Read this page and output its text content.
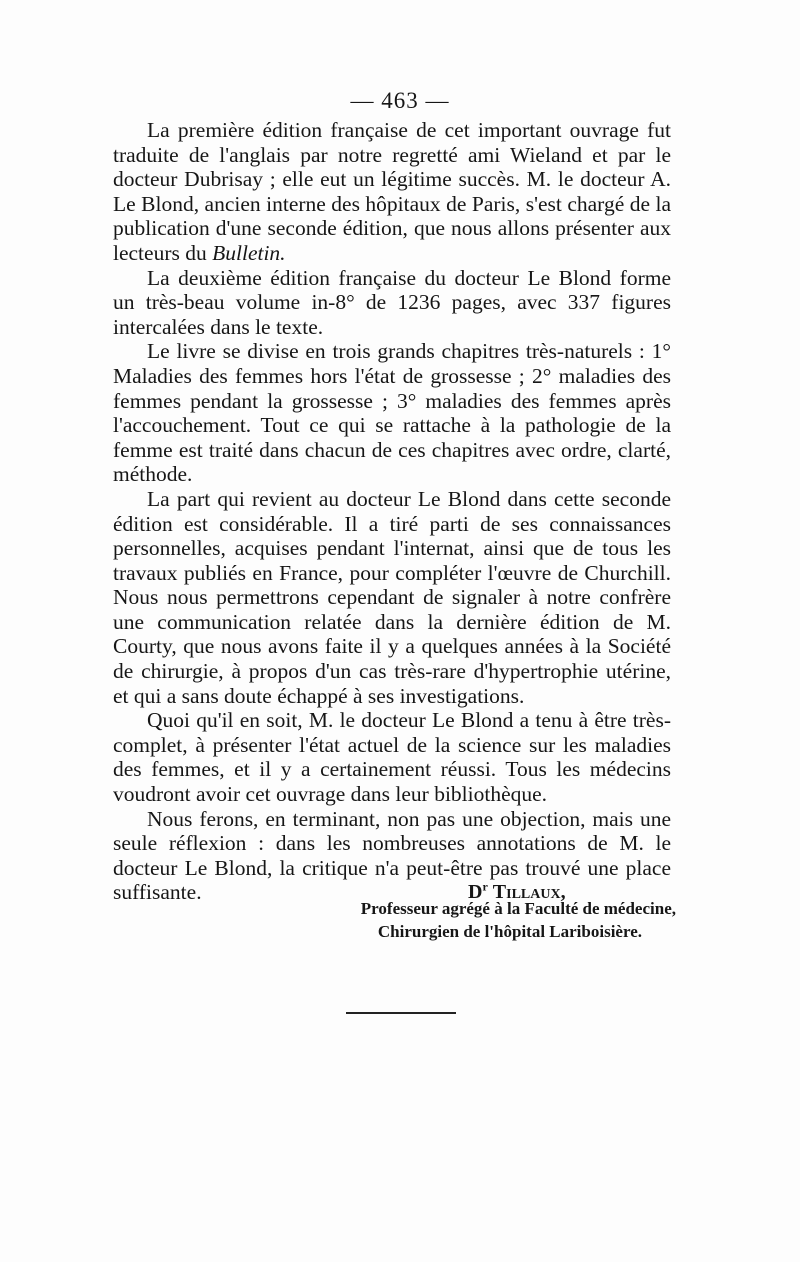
— 463 —

La première édition française de cet important ouvrage fut traduite de l'anglais par notre regretté ami Wieland et par le docteur Dubrisay ; elle eut un légitime succès. M. le docteur A. Le Blond, ancien interne des hôpitaux de Paris, s'est chargé de la publication d'une seconde édition, que nous allons présenter aux lecteurs du Bulletin.

La deuxième édition française du docteur Le Blond forme un très-beau volume in-8° de 1236 pages, avec 337 figures intercalées dans le texte.

Le livre se divise en trois grands chapitres très-naturels : 1° Maladies des femmes hors l'état de grossesse ; 2° maladies des femmes pendant la grossesse ; 3° maladies des femmes après l'accouchement. Tout ce qui se rattache à la pathologie de la femme est traité dans chacun de ces chapitres avec ordre, clarté, méthode.

La part qui revient au docteur Le Blond dans cette seconde édition est considérable. Il a tiré parti de ses connaissances personnelles, acquises pendant l'internat, ainsi que de tous les travaux publiés en France, pour compléter l'œuvre de Churchill. Nous nous permettrons cependant de signaler à notre confrère une communication relatée dans la dernière édition de M. Courty, que nous avons faite il y a quelques années à la Société de chirurgie, à propos d'un cas très-rare d'hypertrophie utérine, et qui a sans doute échappé à ses investigations.

Quoi qu'il en soit, M. le docteur Le Blond a tenu à être très-complet, à présenter l'état actuel de la science sur les maladies des femmes, et il y a certainement réussi. Tous les médecins voudront avoir cet ouvrage dans leur bibliothèque.

Nous ferons, en terminant, non pas une objection, mais une seule réflexion : dans les nombreuses annotations de M. le docteur Le Blond, la critique n'a peut-être pas trouvé une place suffisante.	$D^r$ Tillaux,
Professeur agrégé à la Faculté de médecine,
Chirurgien de l'hôpital Lariboisière.
